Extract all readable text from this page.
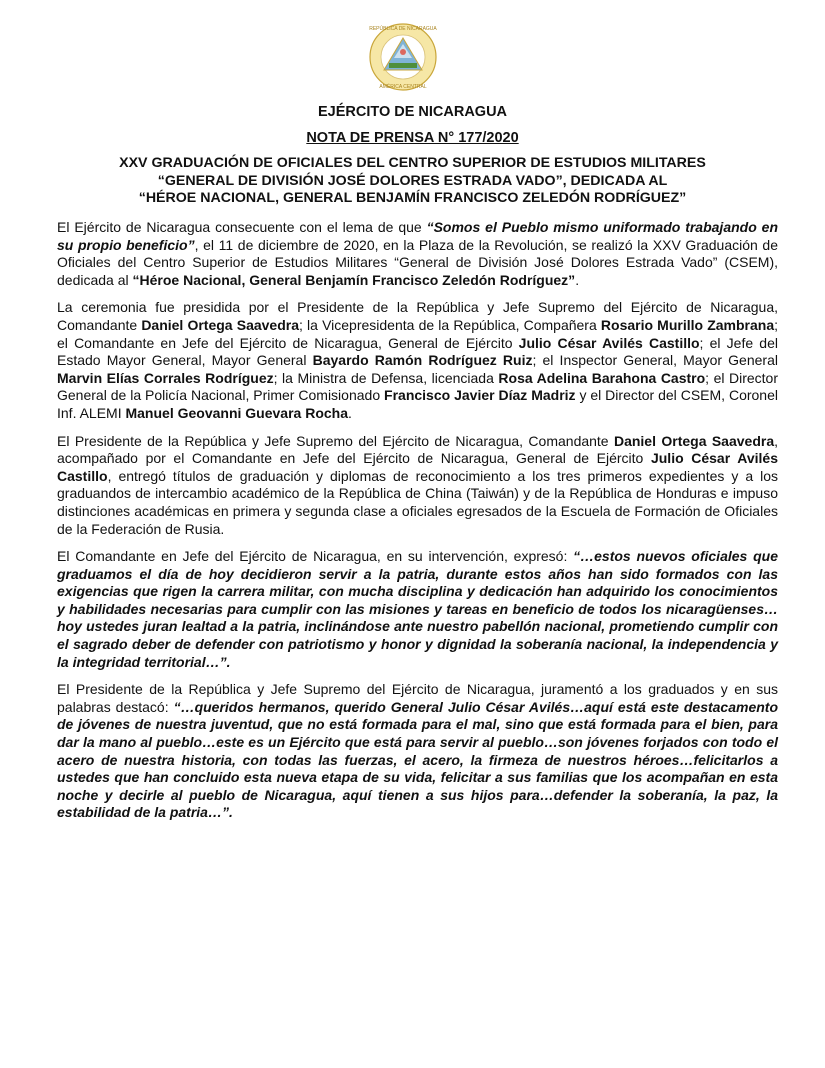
REPÚBLICA DE NICARAGUA
AMÉRICA CENTRAL
EJÉRCITO DE NICARAGUA
NOTA DE PRENSA N° 177/2020
XXV GRADUACIÓN DE OFICIALES DEL CENTRO SUPERIOR DE ESTUDIOS MILITARES
“GENERAL DE DIVISIÓN JOSÉ DOLORES ESTRADA VADO”, DEDICADA AL
“HÉROE NACIONAL, GENERAL BENJAMÍN FRANCISCO ZELEDÓN RODRÍGUEZ”

El Ejército de Nicaragua consecuente con el lema de que “Somos el Pueblo mismo uniformado trabajando en su propio beneficio”, el 11 de diciembre de 2020, en la Plaza de la Revolución, se realizó la XXV Graduación de Oficiales del Centro Superior de Estudios Militares “General de División José Dolores Estrada Vado” (CSEM), dedicada al “Héroe Nacional, General Benjamín Francisco Zeledón Rodríguez”.

La ceremonia fue presidida por el Presidente de la República y Jefe Supremo del Ejército de Nicaragua, Comandante Daniel Ortega Saavedra; la Vicepresidenta de la República, Compañera Rosario Murillo Zambrana; el Comandante en Jefe del Ejército de Nicaragua, General de Ejército Julio César Avilés Castillo; el Jefe del Estado Mayor General, Mayor General Bayardo Ramón Rodríguez Ruiz; el Inspector General, Mayor General Marvin Elías Corrales Rodríguez; la Ministra de Defensa, licenciada Rosa Adelina Barahona Castro; el Director General de la Policía Nacional, Primer Comisionado Francisco Javier Díaz Madriz y el Director del CSEM, Coronel Inf. ALEMI Manuel Geovanni Guevara Rocha.

El Presidente de la República y Jefe Supremo del Ejército de Nicaragua, Comandante Daniel Ortega Saavedra, acompañado por el Comandante en Jefe del Ejército de Nicaragua, General de Ejército Julio César Avilés Castillo, entregó títulos de graduación y diplomas de reconocimiento a los tres primeros expedientes y a los graduandos de intercambio académico de la República de China (Taiwán) y de la República de Honduras e impuso distinciones académicas en primera y segunda clase a oficiales egresados de la Escuela de Formación de Oficiales de la Federación de Rusia.

El Comandante en Jefe del Ejército de Nicaragua, en su intervención, expresó: “…estos nuevos oficiales que graduamos el día de hoy decidieron servir a la patria, durante estos años han sido formados con las exigencias que rigen la carrera militar, con mucha disciplina y dedicación han adquirido los conocimientos y habilidades necesarias para cumplir con las misiones y tareas en beneficio de todos los nicaragüenses…hoy ustedes juran lealtad a la patria, inclinándose ante nuestro pabellón nacional, prometiendo cumplir con el sagrado deber de defender con patriotismo y honor y dignidad la soberanía nacional, la independencia y la integridad territorial…”.

El Presidente de la República y Jefe Supremo del Ejército de Nicaragua, juramentó a los graduados y en sus palabras destacó: “…queridos hermanos, querido General Julio César Avilés…aquí está este destacamento de jóvenes de nuestra juventud, que no está formada para el mal, sino que está formada para el bien, para dar la mano al pueblo…este es un Ejército que está para servir al pueblo…son jóvenes forjados con todo el acero de nuestra historia, con todas las fuerzas, el acero, la firmeza de nuestros héroes…felicitarlos a ustedes que han concluido esta nueva etapa de su vida, felicitar a sus familias que los acompañan en esta noche y decirle al pueblo de Nicaragua, aquí tienen a sus hijos para…defender la soberanía, la paz, la estabilidad de la patria…”.
